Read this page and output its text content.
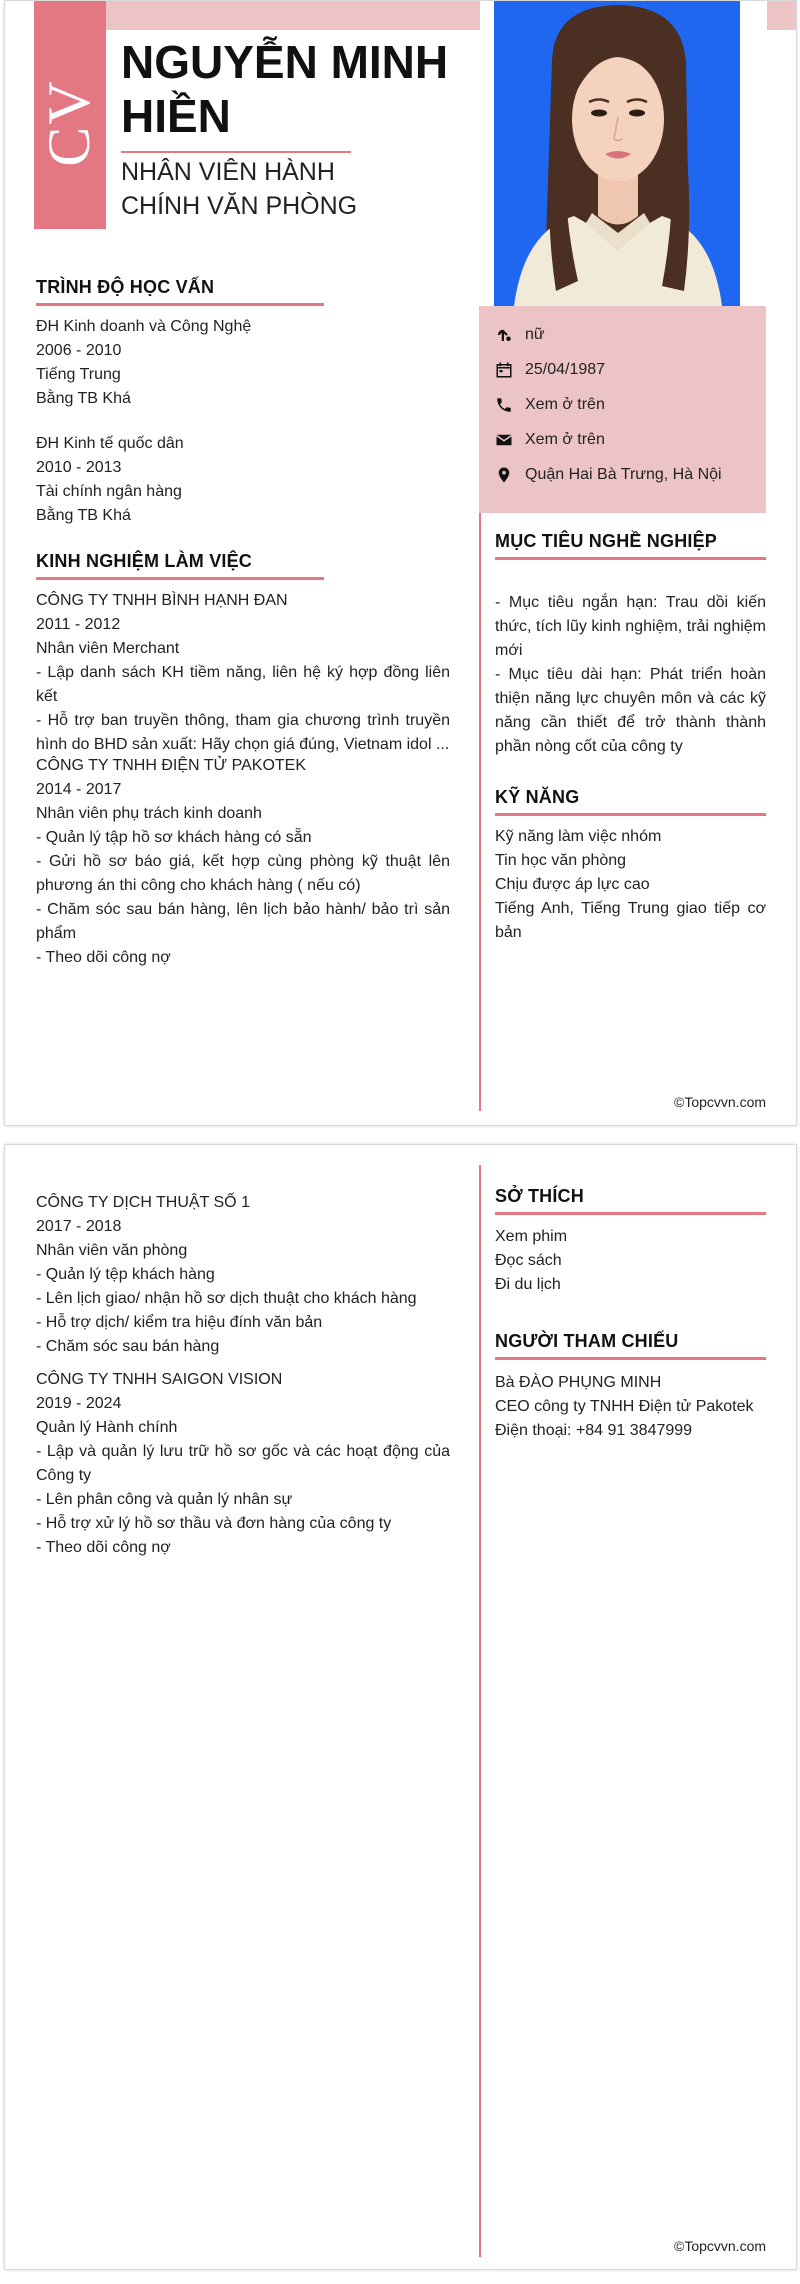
CV
NGUYỄN MINH HIỀN
NHÂN VIÊN HÀNH CHÍNH VĂN PHÒNG
nữ
25/04/1987
Xem ở trên
Xem ở trên
Quận Hai Bà Trưng, Hà Nội
TRÌNH ĐỘ HỌC VẤN
ĐH Kinh doanh và Công Nghệ
2006 - 2010
Tiếng Trung
Bằng TB Khá
ĐH Kinh tế quốc dân
2010 - 2013
Tài chính ngân hàng
Bằng TB Khá
KINH NGHIỆM LÀM VIỆC
CÔNG TY TNHH BÌNH HẠNH ĐAN
2011 - 2012
Nhân viên Merchant
- Lập danh sách KH tiềm năng, liên hệ ký hợp đồng liên kết
- Hỗ trợ ban truyền thông, tham gia chương trình truyền hình do BHD sản xuất: Hãy chọn giá đúng, Vietnam idol ...
CÔNG TY TNHH ĐIỆN TỬ PAKOTEK
2014 - 2017
Nhân viên phụ trách kinh doanh
- Quản lý tập hồ sơ khách hàng có sẵn
- Gửi hồ sơ báo giá, kết hợp cùng phòng kỹ thuật lên phương án thi công cho khách hàng ( nếu có)
- Chăm sóc sau bán hàng, lên lịch bảo hành/ bảo trì sản phẩm
- Theo dõi công nợ
MỤC TIÊU NGHỀ NGHIỆP
- Mục tiêu ngắn hạn: Trau dồi kiến thức, tích lũy kinh nghiệm, trải nghiệm mới
- Mục tiêu dài hạn: Phát triển hoàn thiện năng lực chuyên môn và các kỹ năng cần thiết để trở thành thành phần nòng cốt của công ty
KỸ NĂNG
Kỹ năng làm việc nhóm
Tin học văn phòng
Chịu được áp lực cao
Tiếng Anh, Tiếng Trung giao tiếp cơ bản
©Topcvvn.com
CÔNG TY DỊCH THUẬT SỐ 1
2017 - 2018
Nhân viên văn phòng
- Quản lý tệp khách hàng
- Lên lịch giao/ nhận hồ sơ dịch thuật cho khách hàng
- Hỗ trợ dịch/ kiểm tra hiệu đính văn bản
- Chăm sóc sau bán hàng
CÔNG TY TNHH SAIGON VISION
2019 - 2024
Quản lý Hành chính
- Lập và quản lý lưu trữ hồ sơ gốc và các hoạt động của Công ty
- Lên phân công và quản lý nhân sự
- Hỗ trợ xử lý hồ sơ thầu và đơn hàng của công ty
- Theo dõi công nợ
SỞ THÍCH
Xem phim
Đọc sách
Đi du lịch
NGƯỜI THAM CHIẾU
Bà ĐÀO PHỤNG MINH
CEO công ty TNHH Điện tử Pakotek
Điện thoại: +84 91 3847999
©Topcvvn.com
